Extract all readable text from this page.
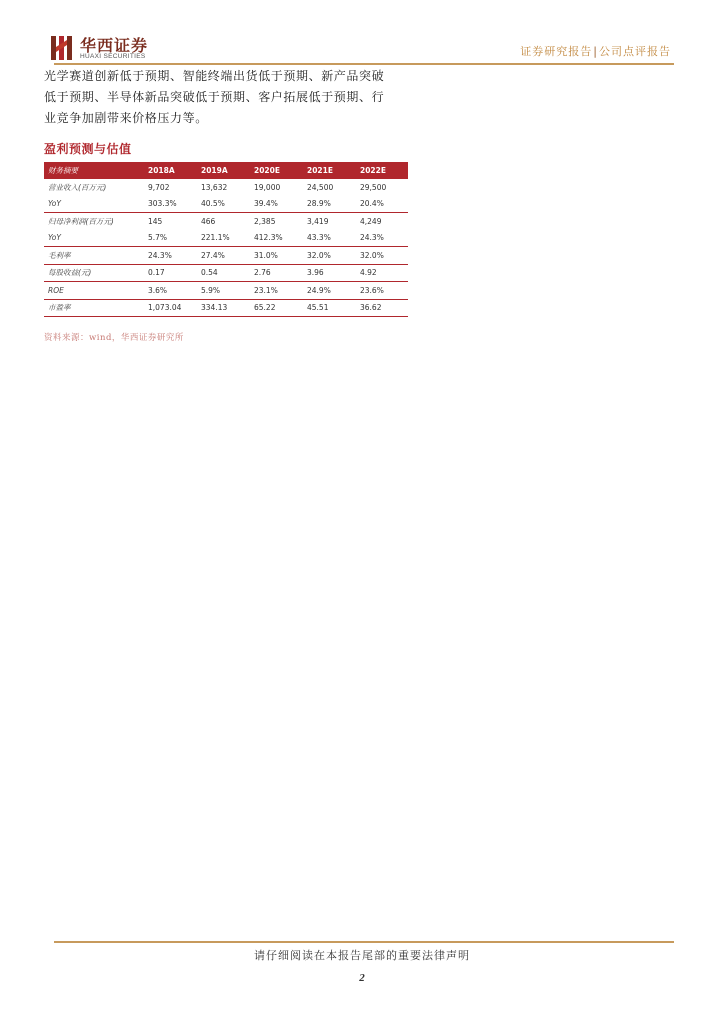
华西证券
HUAXI SECURITIES	证券研究报告|公司点评报告

光学赛道创新低于预期、智能终端出货低于预期、新产品突破

低于预期、半导体新品突破低于预期、客户拓展低于预期、行

业竞争加剧带来价格压力等。

盈利预测与估值
财务摘要	2018A	2019A	2020E	2021E	2022E
营业收入(百万元)	9,702	13,632	19,000	24,500	29,500
YoY	303.3%	40.5%	39.4%	28.9%	20.4%
归母净利润(百万元)	145	466	2,385	3,419	4,249
YoY	5.7%	221.1%	412.3%	43.3%	24.3%
毛利率	24.3%	27.4%	31.0%	32.0%	32.0%
每股收益(元)	0.17	0.54	2.76	3.96	4.92
ROE	3.6%	5.9%	23.1%	24.9%	23.6%
市盈率	1,073.04	334.13	65.22	45.51	36.62
资料来源：wind，华西证券研究所
请仔细阅读在本报告尾部的重要法律声明
2
